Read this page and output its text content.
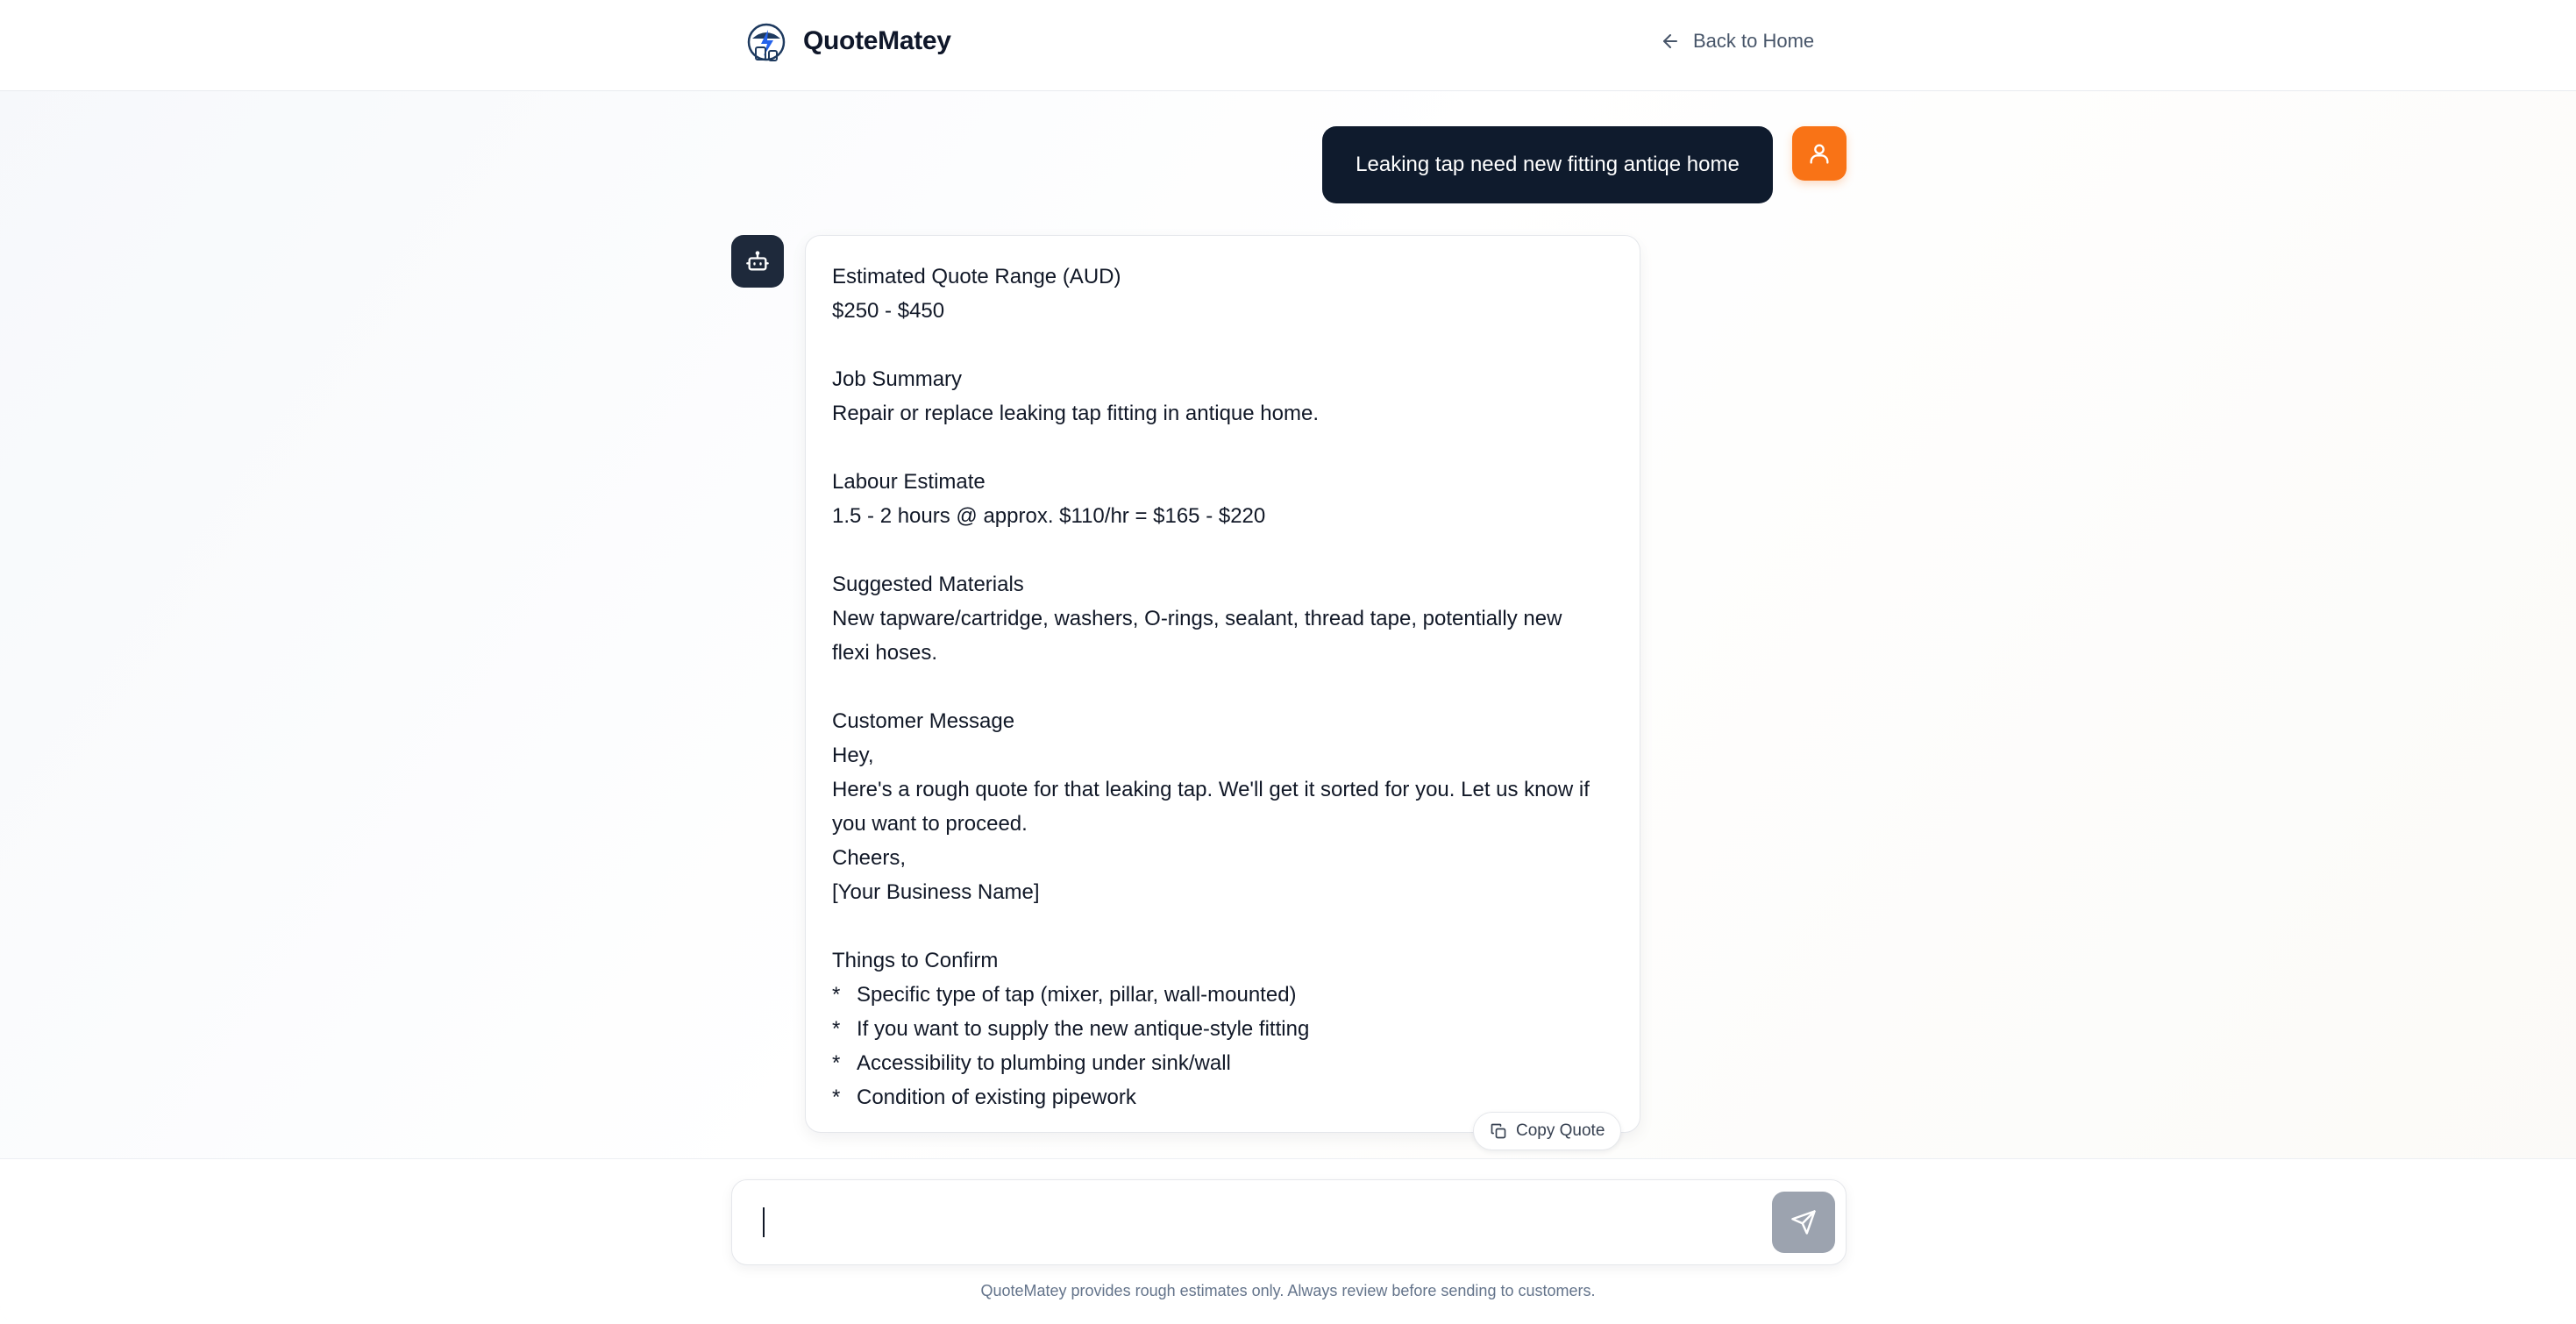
QuoteMatey	Back to Home
Leaking tap need new fitting antiqe home
Estimated Quote Range (AUD)
$250 - $450
Job Summary
Repair or replace leaking tap fitting in antique home.
Labour Estimate
1.5 - 2 hours @ approx. $110/hr = $165 - $220
Suggested Materials
New tapware/cartridge, washers, O-rings, sealant, thread tape, potentially new
flexi hoses.
Customer Message
Hey,
Here's a rough quote for that leaking tap. We'll get it sorted for you. Let us know if
you want to proceed.
Cheers,
[Your Business Name]
Things to Confirm
* Specific type of tap (mixer, pillar, wall-mounted)
* If you want to supply the new antique-style fitting
* Accessibility to plumbing under sink/wall
* Condition of existing pipework
Copy Quote
QuoteMatey provides rough estimates only. Always review before sending to customers.
